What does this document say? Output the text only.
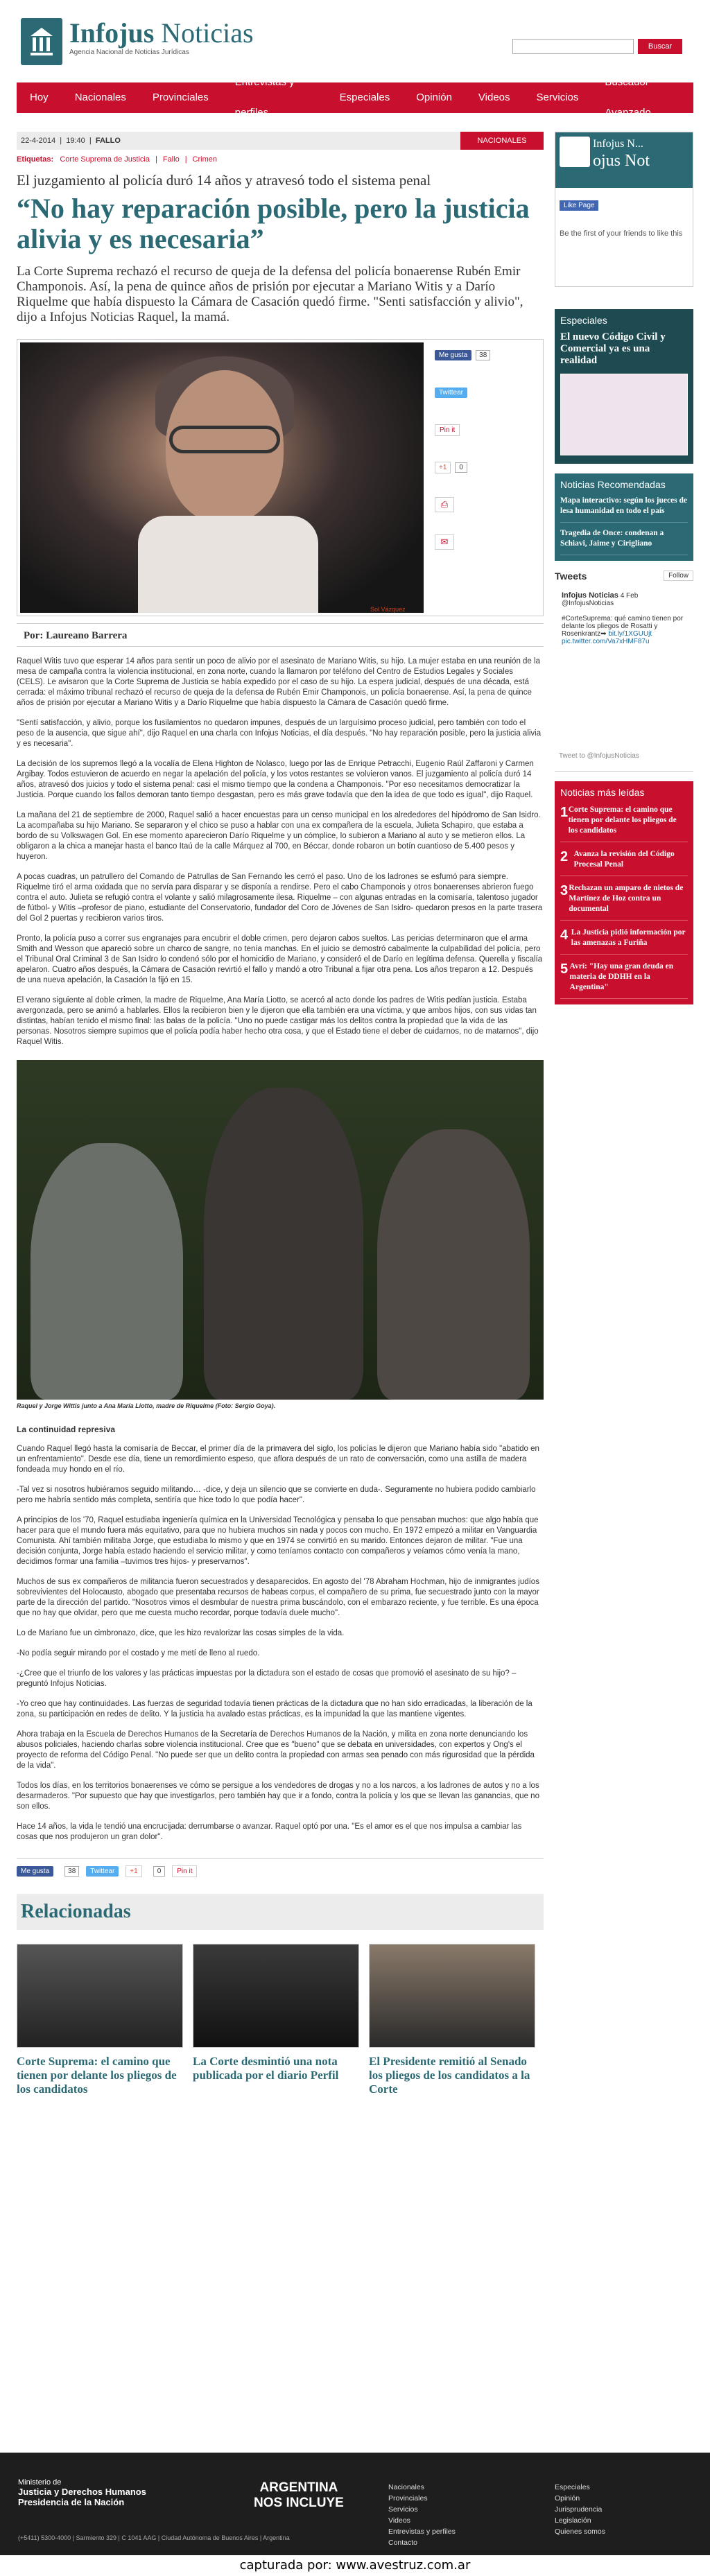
Infojus Noticias
Agencia Nacional de Noticias Jurídicas
Buscar
Hoy	Nacionales	Provinciales
Entrevistas y perfiles
Especiales	Opinión	Videos	Servicios
Buscador Avanzado
22-4-2014  |  19:40  |  FALLO	NACIONALES
Etiquetas: Corte Suprema de Justicia | Fallo | Crimen
El juzgamiento al policía duró 14 años y atravesó todo el sistema penal
“No hay reparación posible, pero la justicia alivia y es necesaria”
La Corte Suprema rechazó el recurso de queja de la defensa del policía bonaerense Rubén Emir Champonois. Así, la pena de quince años de prisión por ejecutar a Mariano Witis y a Darío Riquelme que había dispuesto la Cámara de Casación quedó firme. "Senti satisfacción y alivio", dijo a Infojus Noticias Raquel, la mamá.
Sol Vázquez
Me gusta	38
Twittear
Pin it
+1	0
⎙
✉
Por: Laureano Barrera

Raquel Witis tuvo que esperar 14 años para sentir un poco de alivio por el asesinato de Mariano Witis, su hijo. La mujer estaba en una reunión de la mesa de campaña contra la violencia institucional, en zona norte, cuando la llamaron por teléfono del Centro de Estudios Legales y Sociales (CELS). Le avisaron que la Corte Suprema de Justicia se había expedido por el caso de su hijo. La espera judicial, después de una década, está cerrada: el máximo tribunal rechazó el recurso de queja de la defensa de Rubén Emir Champonois, un policía bonaerense. Así, la pena de quince años de prisión por ejecutar a Mariano Witis y a Darío Riquelme que había dispuesto la Cámara de Casación quedó firme.

"Sentí satisfacción, y alivio, porque los fusilamientos no quedaron impunes, después de un larguísimo proceso judicial, pero también con todo el peso de la ausencia, que sigue ahí", dijo Raquel en una charla con Infojus Noticias, el día después. "No hay reparación posible, pero la justicia alivia y es necesaria".

La decisión de los supremos llegó a la vocalía de Elena Highton de Nolasco, luego por las de Enrique Petracchi, Eugenio Raúl Zaffaroni y Carmen Argibay. Todos estuvieron de acuerdo en negar la apelación del policía, y los votos restantes se volvieron vanos. El juzgamiento al policía duró 14 años, atravesó dos juicios y todo el sistema penal: casi el mismo tiempo que la condena a Champonois. "Por eso necesitamos democratizar la Justicia. Porque cuando los fallos demoran tanto tiempo desgastan, pero es más grave todavía que den la idea de que todo es igual", dijo Raquel.

La mañana del 21 de septiembre de 2000, Raquel salió a hacer encuestas para un censo municipal en los alrededores del hipódromo de San Isidro. La acompañaba su hijo Mariano. Se separaron y el chico se puso a hablar con una ex compañera de la escuela, Julieta Schapiro, que estaba a bordo de su Volkswagen Gol. En ese momento aparecieron Darío Riquelme y un cómplice, lo subieron a Mariano al auto y se metieron ellos. La obligaron a la chica a manejar hasta el banco Itaú de la calle Márquez al 700, en Béccar, donde robaron un botín cuantioso de 5.400 pesos y huyeron.

A pocas cuadras, un patrullero del Comando de Patrullas de San Fernando les cerró el paso. Uno de los ladrones se esfumó para siempre. Riquelme tiró el arma oxidada que no servía para disparar y se disponía a rendirse. Pero el cabo Champonois y otros bonaerenses abrieron fuego contra el auto. Julieta se refugió contra el volante y salió milagrosamente ilesa. Riquelme – con algunas entradas en la comisaría, talentoso jugador de fútbol- y Witis –profesor de piano, estudiante del Conservatorio, fundador del Coro de Jóvenes de San Isidro- quedaron presos en la parte trasera del Gol 2 puertas y recibieron varios tiros.

Pronto, la policía puso a correr sus engranajes para encubrir el doble crimen, pero dejaron cabos sueltos. Las pericias determinaron que el arma Smith and Wesson que apareció sobre un charco de sangre, no tenía manchas. En el juicio se demostró cabalmente la culpabilidad del policía, pero el Tribunal Oral Criminal 3 de San Isidro lo condenó sólo por el homicidio de Mariano, y consideró el de Darío en legítima defensa. Querella y fiscalía apelaron. Cuatro años después, la Cámara de Casación revirtió el fallo y mandó a otro Tribunal a fijar otra pena. Los años treparon a 12. Después de una nueva apelación, la Casación la fijó en 15.

El verano siguiente al doble crimen, la madre de Riquelme, Ana María Liotto, se acercó al acto donde los padres de Witis pedían justicia. Estaba avergonzada, pero se animó a hablarles. Ellos la recibieron bien y le dijeron que ella también era una víctima, y que ambos hijos, con sus vidas tan distintas, habían tenido el mismo final: las balas de la policía. "Uno no puede castigar más los delitos contra la propiedad que la vida de las personas. Nosotros siempre supimos que el policía podía haber hecho otra cosa, y que el Estado tiene el deber de cuidarnos, no de matarnos", dijo Raquel Witis.

Raquel y Jorge Wittis junto a Ana María Liotto, madre de Riquelme (Foto: Sergio Goya).
La continuidad represiva

Cuando Raquel llegó hasta la comisaría de Beccar, el primer día de la primavera del siglo, los policías le dijeron que Mariano había sido "abatido en un enfrentamiento". Desde ese día, tiene un remordimiento espeso, que aflora después de un rato de conversación, como una astilla de madera fondeada muy hondo en el río.

-Tal vez si nosotros hubiéramos seguido militando… -dice, y deja un silencio que se convierte en duda-. Seguramente no hubiera podido cambiarlo pero me habría sentido más completa, sentiría que hice todo lo que podía hacer".

A principios de los '70, Raquel estudiaba ingeniería química en la Universidad Tecnológica y pensaba lo que pensaban muchos: que algo había que hacer para que el mundo fuera más equitativo, para que no hubiera muchos sin nada y pocos con mucho. En 1972 empezó a militar en Vanguardia Comunista. Ahí también militaba Jorge, que estudiaba lo mismo y que en 1974 se convirtió en su marido. Entonces dejaron de militar. "Fue una decisión conjunta, Jorge había estado haciendo el servicio militar, y como teníamos contacto con compañeros y veíamos cómo venía la mano, decidimos formar una familia –tuvimos tres hijos- y preservarnos".

Muchos de sus ex compañeros de militancia fueron secuestrados y desaparecidos. En agosto del '78 Abraham Hochman, hijo de inmigrantes judíos sobrevivientes del Holocausto, abogado que presentaba recursos de habeas corpus, el compañero de su prima, fue secuestrado junto con la mayor parte de la dirección del partido. "Nosotros vimos el desmbular de nuestra prima buscándolo, con el embarazo reciente, y fue terrible. Es una época que no hay que olvidar, pero que me cuesta mucho recordar, porque todavía duele mucho".

Lo de Mariano fue un cimbronazo, dice, que les hizo revalorizar las cosas simples de la vida.

-No podía seguir mirando por el costado y me metí de lleno al ruedo.

-¿Cree que el triunfo de los valores y las prácticas impuestas por la dictadura son el estado de cosas que promovió el asesinato de su hijo? – preguntó Infojus Noticias.

-Yo creo que hay continuidades. Las fuerzas de seguridad todavía tienen prácticas de la dictadura que no han sido erradicadas, la liberación de la zona, su participación en redes de delito. Y la justicia ha avalado estas prácticas, es la impunidad la que las mantiene vigentes.

Ahora trabaja en la Escuela de Derechos Humanos de la Secretaría de Derechos Humanos de la Nación, y milita en zona norte denunciando los abusos policiales, haciendo charlas sobre violencia institucional. Cree que es "bueno" que se debata en universidades, con expertos y Ong's el proyecto de reforma del Código Penal. "No puede ser que un delito contra la propiedad con armas sea penado con más rigurosidad que la pérdida de la vida".

Todos los días, en los territorios bonaerenses ve cómo se persigue a los vendedores de drogas y no a los narcos, a los ladrones de autos y no a los desarmaderos. "Por supuesto que hay que investigarlos, pero también hay que ir a fondo, contra la policía y los que se llevan las ganancias, que no son ellos.

Hace 14 años, la vida le tendió una encrucijada: derrumbarse o avanzar. Raquel optó por una. "Es el amor es el que nos impulsa a cambiar las cosas que nos produjeron un gran dolor".

Me gusta	38	Twittear	+1	0	Pin it
Relacionadas
Corte Suprema: el camino que tienen por delante los pliegos de los candidatos
La Corte desmintió una nota publicada por el diario Perfil
El Presidente remitió al Senado los pliegos de los candidatos a la Corte
Infojus N...
ojus Not
Like Page
Be the first of your friends to like this
Especiales
El nuevo Código Civil y Comercial ya es una realidad
Noticias Recomendadas
Mapa interactivo: según los jueces de lesa humanidad en todo el país
Tragedia de Once: condenan a Schiavi, Jaime y Cirigliano
Tweets	Follow
Infojus Noticias 4 Feb
@InfojusNoticias

#CorteSuprema: qué camino tienen por delante los pliegos de Rosatti y Rosenkrantz➡ bit.ly/1XGUUjt pic.twitter.com/Va7xHMF87u
Tweet to @InfojusNoticias
Noticias más leídas
1 Corte Suprema: el camino que tienen por delante los pliegos de los candidatos
2 Avanza la revisión del Código Procesal Penal
3 Rechazan un amparo de nietos de Martínez de Hoz contra un documental
4 La Justicia pidió información por las amenazas a Furiña
5 Avrí: "Hay una gran deuda en materia de DDHH en la Argentina"
Ministerio de
Justicia y Derechos Humanos
Presidencia de la Nación
ARGENTINA
NOS INCLUYE
(+5411) 5300-4000 | Sarmiento 329 | C 1041 AAG | Ciudad Autónoma de Buenos Aires | Argentina
Nacionales
Provinciales
Servicios
Videos
Entrevistas y perfiles
Contacto
Especiales
Opinión
Jurisprudencia
Legislación
Quienes somos
capturada por: www.avestruz.com.ar
